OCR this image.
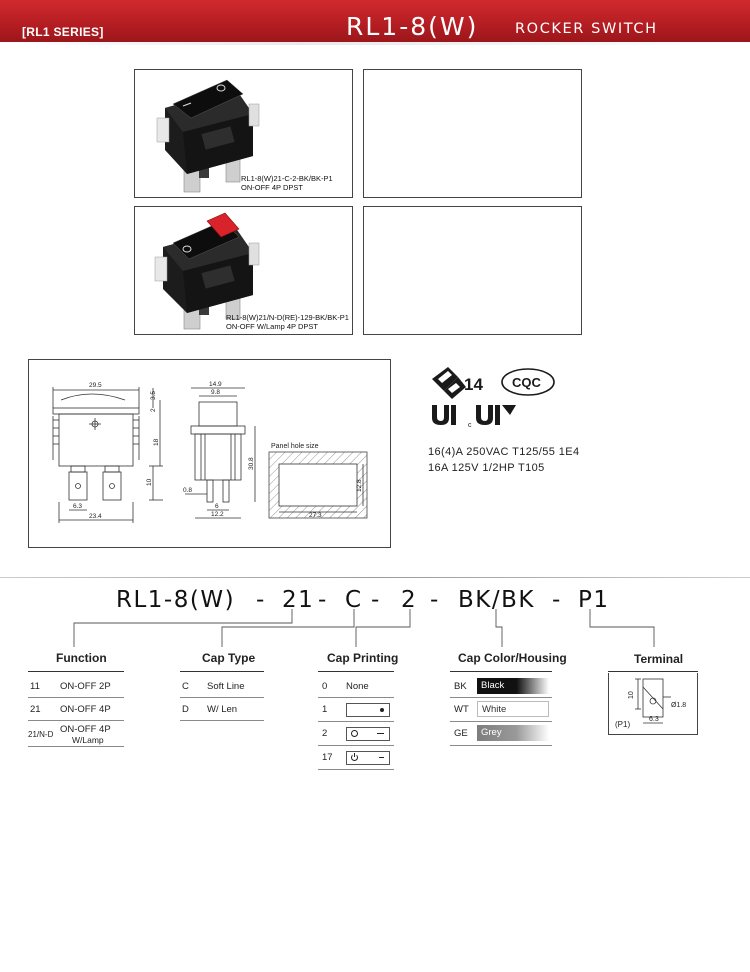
[RL1 SERIES]	RL1-8(W)	ROCKER SWITCH
RL1-8(W)21-C-2-BK/BK-P1
ON-OFF 4P DPST
RL1-8(W)21/N-D(RE)-129-BK/BK-P1
ON-OFF W/Lamp 4P DPST
29.5
3.5
2
18
10
6.3
23.4
14.9
9.8
30.8
0.8
6
12.2
12.8
27.3
Panel hole size
14 CQC
c
16(4)A 250VAC T125/55 1E4
16A 125V 1/2HP T105
RL1-8(W) - 21 - C - 2 - BK/BK - P1
Function
11 ON-OFF 2P
21 ON-OFF 4P
21/N-D ON-OFF 4P
W/Lamp
Cap Type
C Soft Line
D W/ Len
Cap Printing
0 None
1
2
17
Cap Color/Housing
BK	Black
WT	White
GE	Grey
Terminal
10
Ø1.8
6.3
(P1)
